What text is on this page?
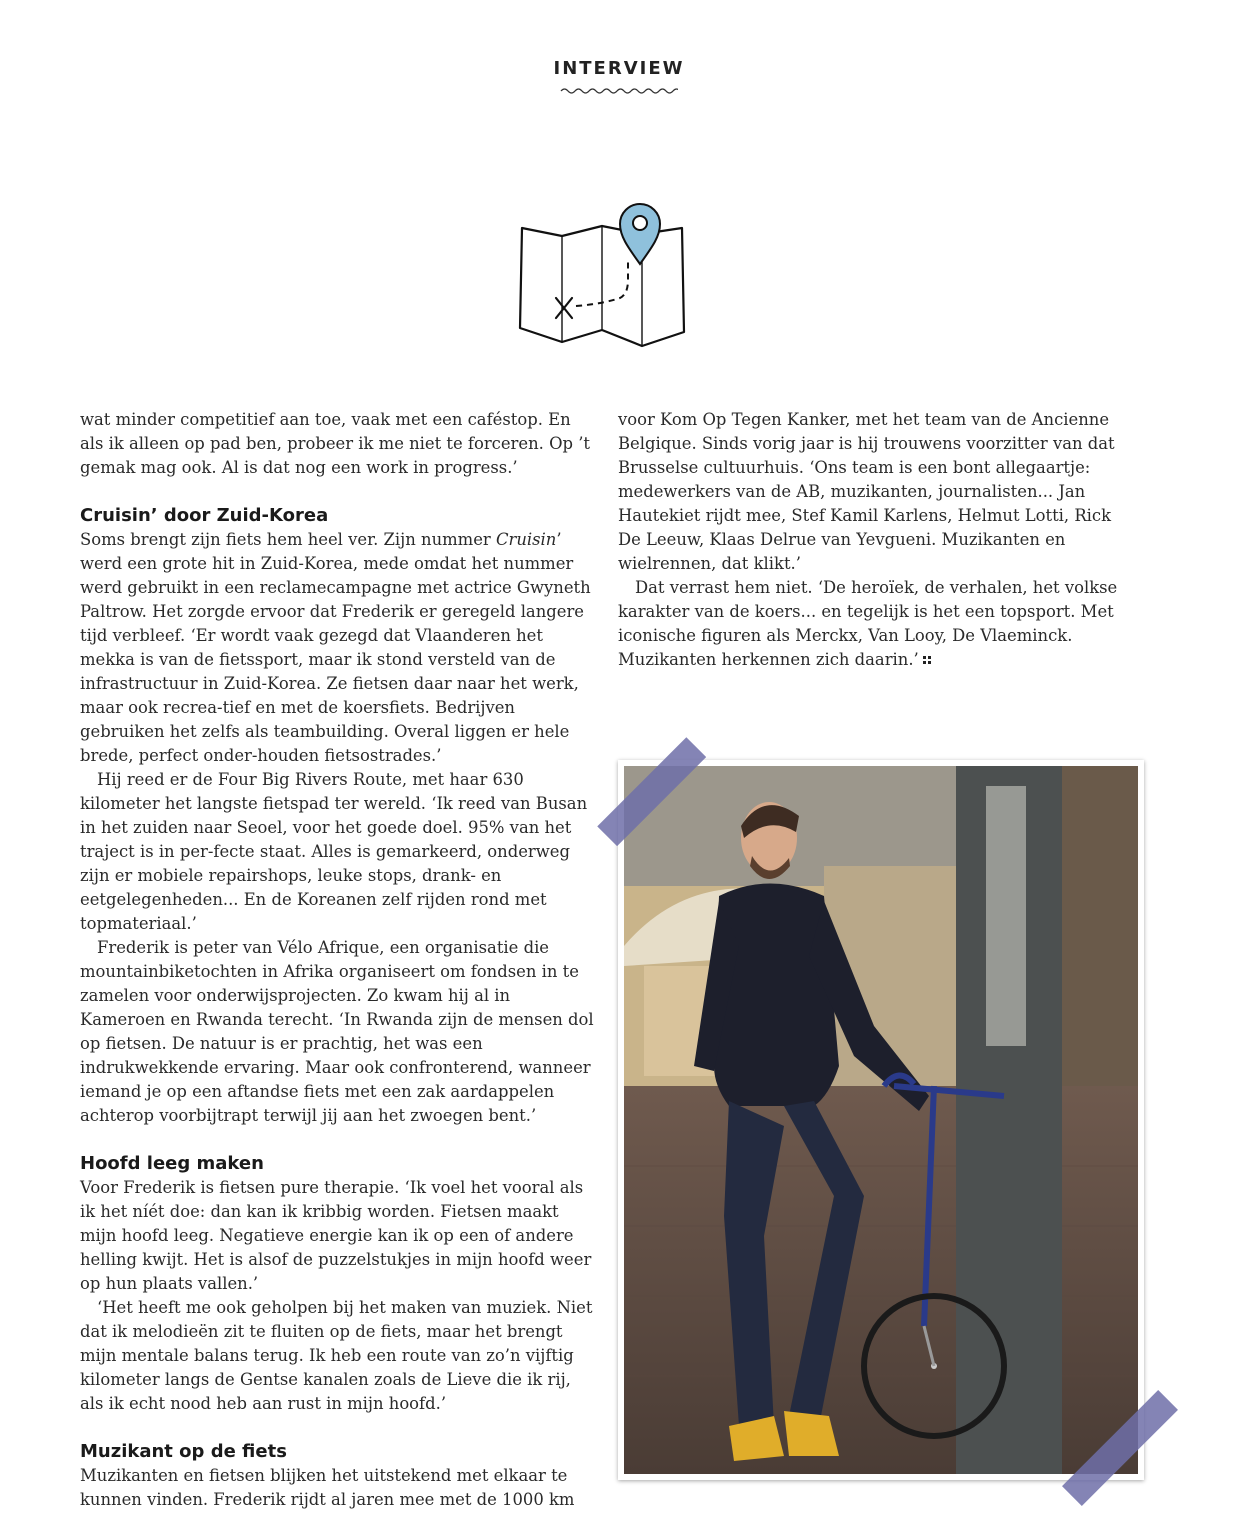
INTERVIEW

wat minder competitief aan toe, vaak met een caféstop. En als ik alleen op pad ben, probeer ik me niet te forceren. Op ’t gemak mag ook. Al is dat nog een work in progress.’

Cruisin’ door Zuid-Korea

Soms brengt zijn fiets hem heel ver. Zijn nummer Cruisin’ werd een grote hit in Zuid-Korea, mede omdat het nummer werd gebruikt in een reclamecampagne met actrice Gwyneth Paltrow. Het zorgde ervoor dat Frederik er geregeld langere tijd verbleef. ‘Er wordt vaak gezegd dat Vlaanderen het mekka is van de fietssport, maar ik stond versteld van de infrastructuur in Zuid-Korea. Ze fietsen daar naar het werk, maar ook recrea-tief en met de koersfiets. Bedrijven gebruiken het zelfs als teambuilding. Overal liggen er hele brede, perfect onder-houden fietsostrades.’

Hij reed er de Four Big Rivers Route, met haar 630 kilometer het langste fietspad ter wereld. ‘Ik reed van Busan in het zuiden naar Seoel, voor het goede doel. 95% van het traject is in per-fecte staat. Alles is gemarkeerd, onderweg zijn er mobiele repairshops, leuke stops, drank- en eetgelegenheden... En de Koreanen zelf rijden rond met topmateriaal.’

Frederik is peter van Vélo Afrique, een organisatie die mountainbiketochten in Afrika organiseert om fondsen in te zamelen voor onderwijsprojecten. Zo kwam hij al in Kameroen en Rwanda terecht. ‘In Rwanda zijn de mensen dol op fietsen. De natuur is er prachtig, het was een indrukwekkende ervaring. Maar ook confronterend, wanneer iemand je op een aftandse fiets met een zak aardappelen achterop voorbijtrapt terwijl jij aan het zwoegen bent.’

Hoofd leeg maken

Voor Frederik is fietsen pure therapie. ‘Ik voel het vooral als ik het níét doe: dan kan ik kribbig worden. Fietsen maakt mijn hoofd leeg. Negatieve energie kan ik op een of andere helling kwijt. Het is alsof de puzzelstukjes in mijn hoofd weer op hun plaats vallen.’

‘Het heeft me ook geholpen bij het maken van muziek. Niet dat ik melodieën zit te fluiten op de fiets, maar het brengt mijn mentale balans terug. Ik heb een route van zo’n vijftig kilometer langs de Gentse kanalen zoals de Lieve die ik rij, als ik echt nood heb aan rust in mijn hoofd.’

Muzikant op de fiets

Muzikanten en fietsen blijken het uitstekend met elkaar te kunnen vinden. Frederik rijdt al jaren mee met de 1000 km

voor Kom Op Tegen Kanker, met het team van de Ancienne Belgique. Sinds vorig jaar is hij trouwens voorzitter van dat Brusselse cultuurhuis. ‘Ons team is een bont allegaartje: medewerkers van de AB, muzikanten, journalisten... Jan Hautekiet rijdt mee, Stef Kamil Karlens, Helmut Lotti, Rick De Leeuw, Klaas Delrue van Yevgueni. Muzikanten en wielrennen, dat klikt.’

Dat verrast hem niet. ‘De heroïek, de verhalen, het volkse karakter van de koers... en tegelijk is het een topsport. Met iconische figuren als Merckx, Van Looy, De Vlaeminck. Muzikanten herkennen zich daarin.’
